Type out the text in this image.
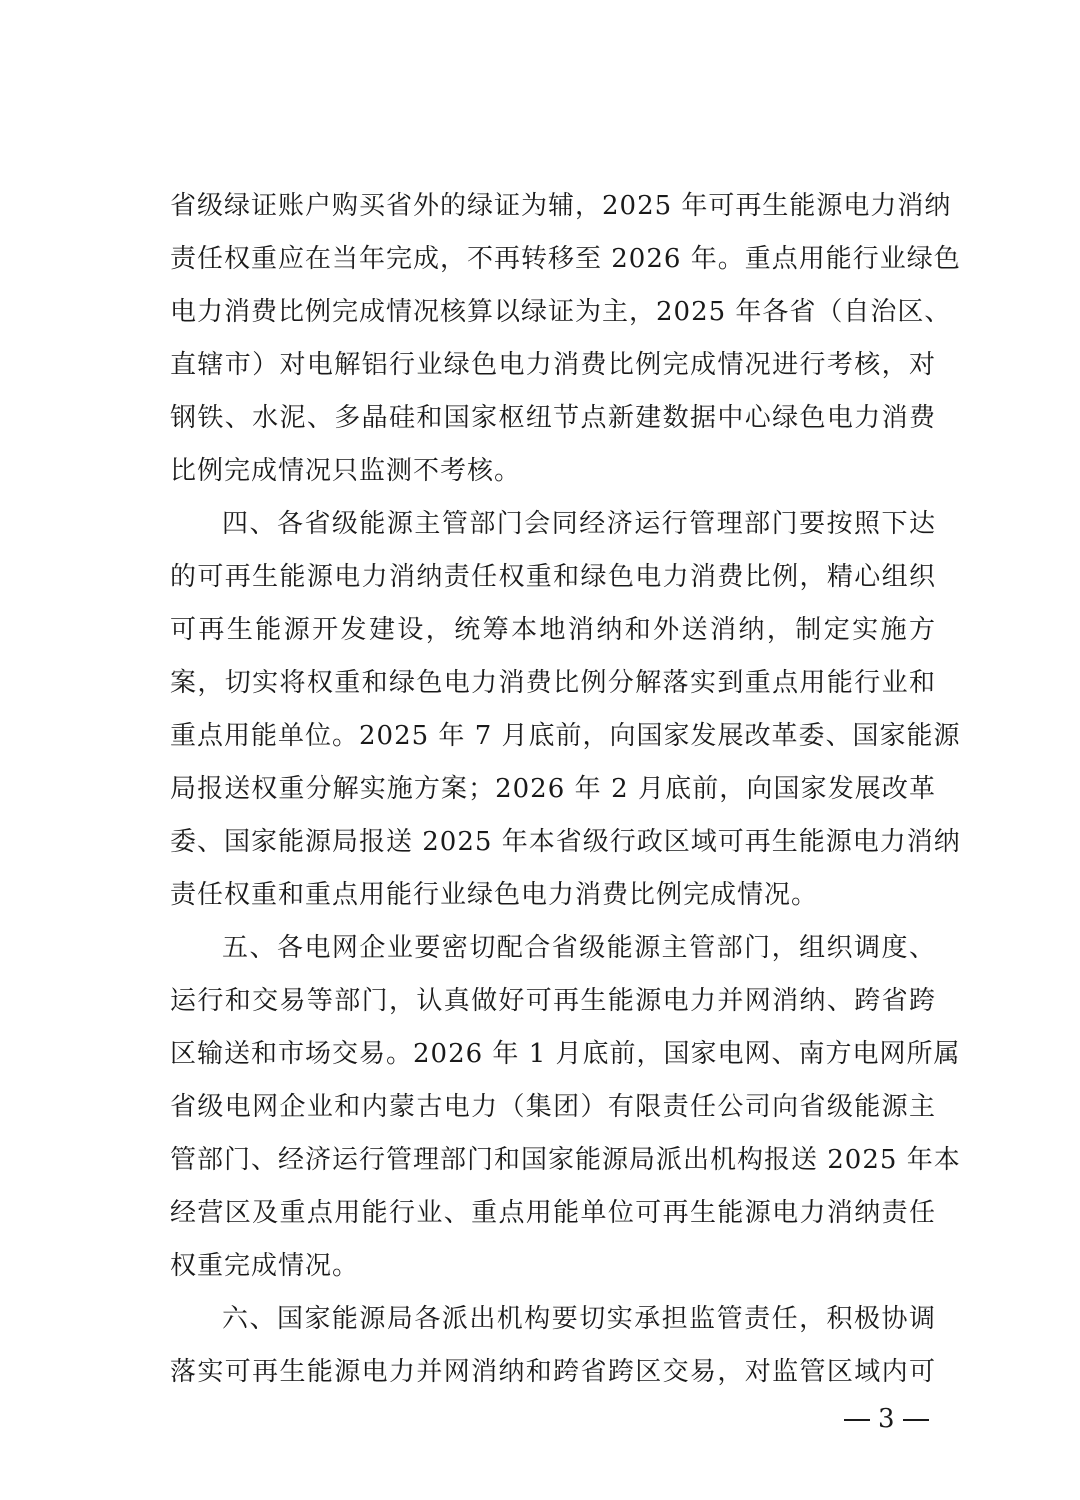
省级绿证账户购买省外的绿证为辅，2025 年可再生能源电力消纳
责任权重应在当年完成，不再转移至 2026 年。重点用能行业绿色
电力消费比例完成情况核算以绿证为主，2025 年各省（自治区、
直辖市）对电解铝行业绿色电力消费比例完成情况进行考核，对
钢铁、水泥、多晶硅和国家枢纽节点新建数据中心绿色电力消费
比例完成情况只监测不考核。
四、各省级能源主管部门会同经济运行管理部门要按照下达
的可再生能源电力消纳责任权重和绿色电力消费比例，精心组织
可再生能源开发建设，统筹本地消纳和外送消纳，制定实施方
案，切实将权重和绿色电力消费比例分解落实到重点用能行业和
重点用能单位。2025 年 7 月底前，向国家发展改革委、国家能源
局报送权重分解实施方案；2026 年 2 月底前，向国家发展改革
委、国家能源局报送 2025 年本省级行政区域可再生能源电力消纳
责任权重和重点用能行业绿色电力消费比例完成情况。
五、各电网企业要密切配合省级能源主管部门，组织调度、
运行和交易等部门，认真做好可再生能源电力并网消纳、跨省跨
区输送和市场交易。2026 年 1 月底前，国家电网、南方电网所属
省级电网企业和内蒙古电力（集团）有限责任公司向省级能源主
管部门、经济运行管理部门和国家能源局派出机构报送 2025 年本
经营区及重点用能行业、重点用能单位可再生能源电力消纳责任
权重完成情况。
六、国家能源局各派出机构要切实承担监管责任，积极协调
落实可再生能源电力并网消纳和跨省跨区交易，对监管区域内可
3
